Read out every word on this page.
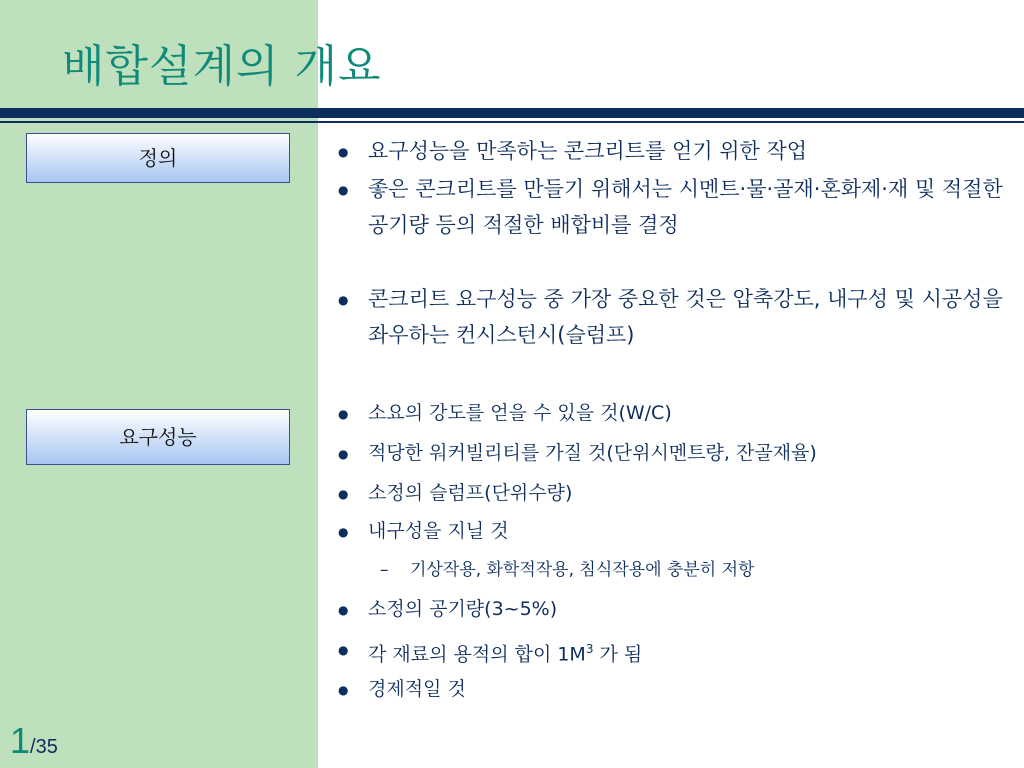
배합설계의 개요
정의
요구성능
● 요구성능을 만족하는 콘크리트를 얻기 위한 작업
● 좋은 콘크리트를 만들기 위해서는 시멘트·물·골재·혼화제·재 및 적절한 공기량 등의 적절한 배합비를 결정
● 콘크리트 요구성능 중 가장 중요한 것은 압축강도, 내구성 및 시공성을 좌우하는 컨시스턴시(슬럼프)
●	소요의 강도를 얻을 수 있을 것(W/C)
●	적당한 워커빌리티를 가질 것(단위시멘트량, 잔골재율)
●	소정의 슬럼프(단위수량)
●	내구성을 지닐 것
–	기상작용, 화학적작용, 침식작용에 충분히 저항
●	소정의 공기량(3~5%)
●	각 재료의 용적의 합이 $1M^3$ 가 됨
●	경제적일 것
1/35
